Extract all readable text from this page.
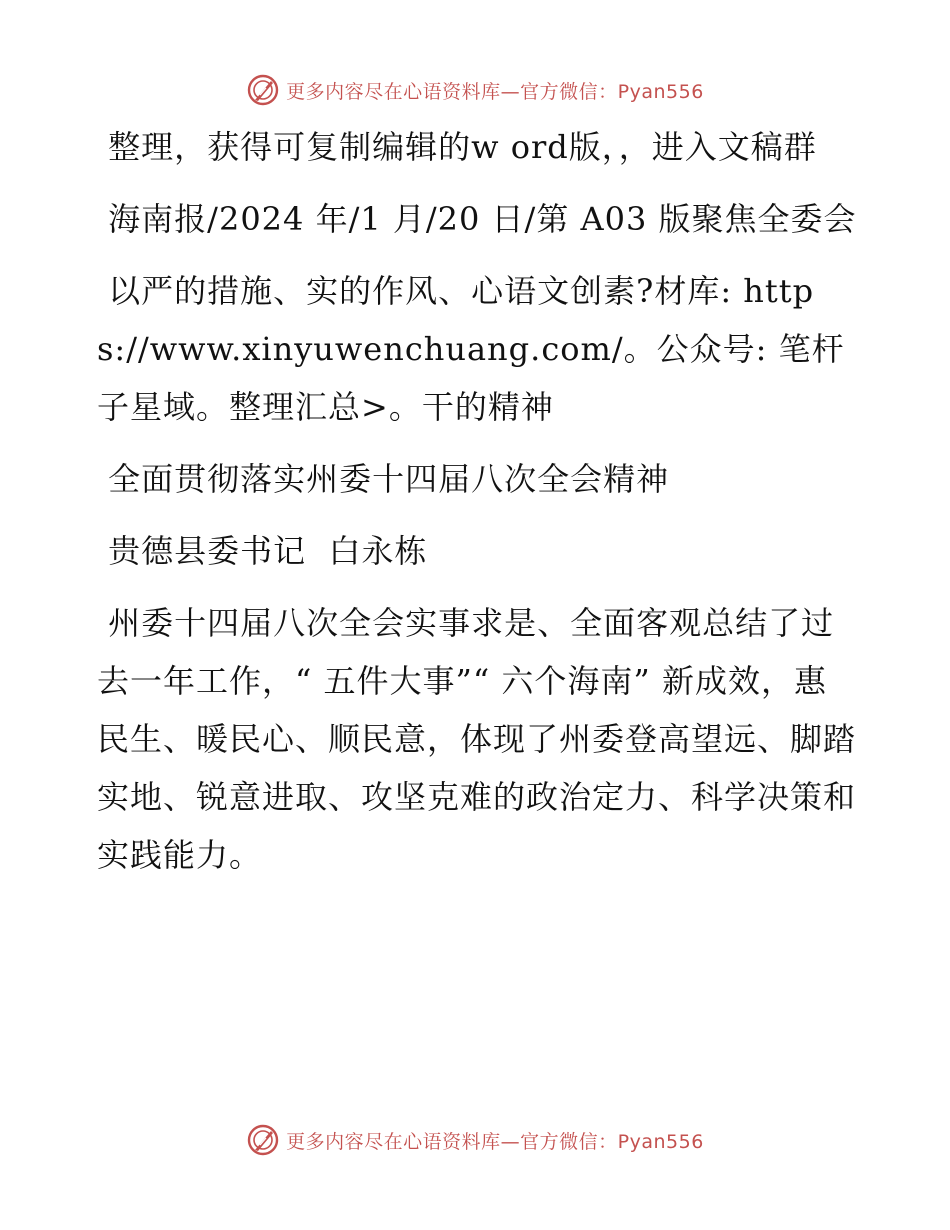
更多内容尽在心语资料库—官方微信：Pyan556

整理，获得可复制编辑的w ord版，，进入文稿群

海南报/2024 年/1 月/20 日/第 A03 版聚焦全委会

以严的措施、实的作风、心语文创素?材库: https://www.xinyuwenchuang.com/。公众号: 笔杆子星域。整理汇总>。干的精神

全面贯彻落实州委十四届八次全会精神

贵德县委书记  白永栋

州委十四届八次全会实事求是、全面客观总结了过去一年工作，“ 五件大事”“ 六个海南” 新成效，惠民生、暖民心、顺民意，体现了州委登高望远、脚踏实地、锐意进取、攻坚克难的政治定力、科学决策和实践能力。

更多内容尽在心语资料库—官方微信：Pyan556
